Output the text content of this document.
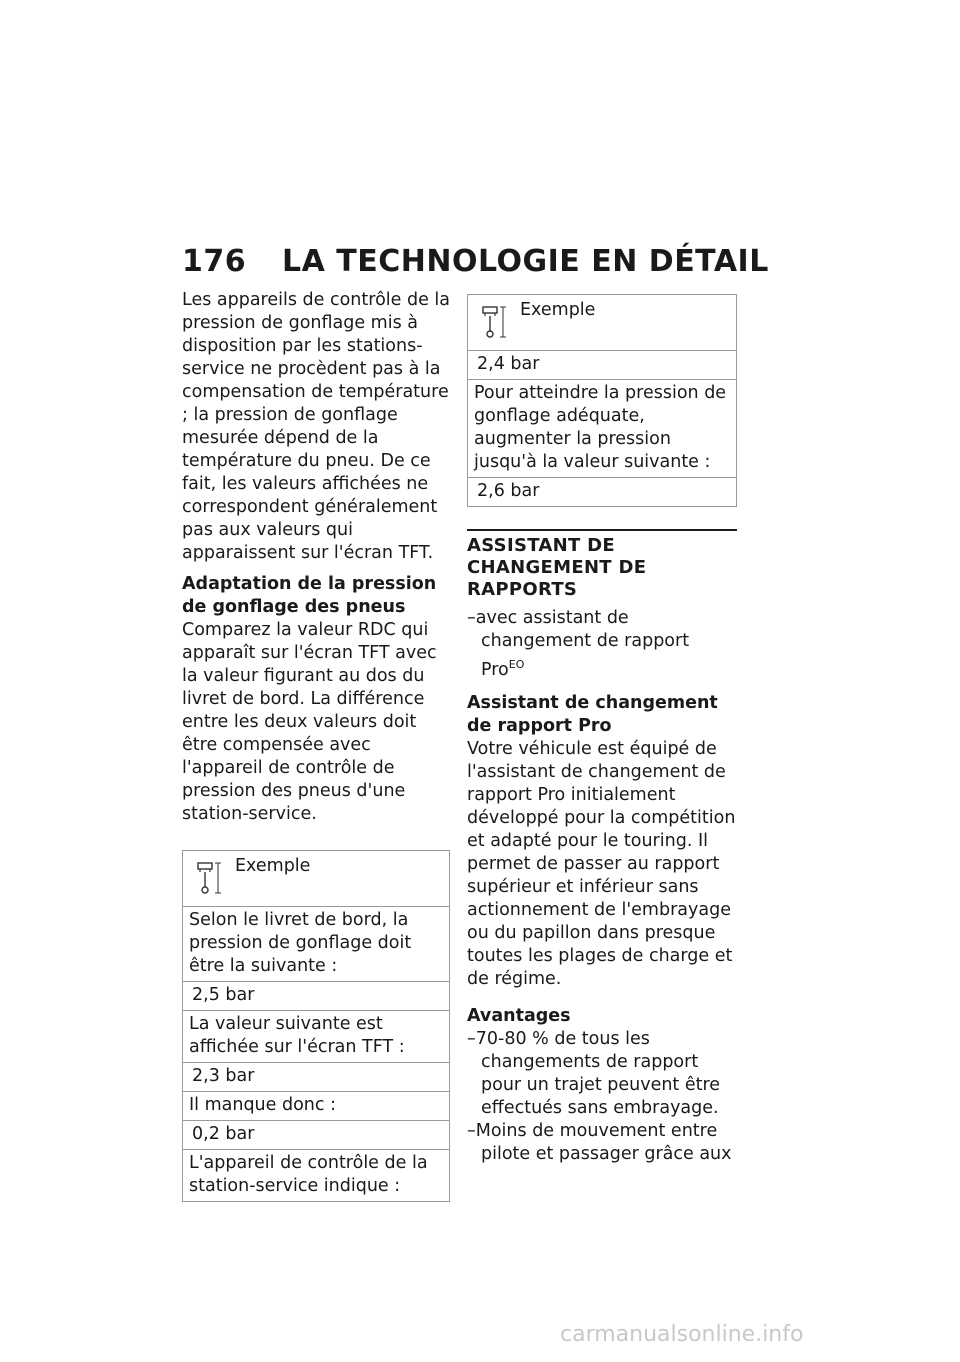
176 LA TECHNOLOGIE EN DÉTAIL

Les appareils de contrôle de la pression de gonflage mis à disposition par les stations-service ne procèdent pas à la compensation de température ; la pression de gonflage mesurée dépend de la température du pneu. De ce fait, les valeurs affichées ne correspondent généralement pas aux valeurs qui apparaissent sur l'écran TFT.

Adaptation de la pression de gonflage des pneus

Comparez la valeur RDC qui apparaît sur l'écran TFT avec la valeur figurant au dos du livret de bord. La différence entre les deux valeurs doit être compensée avec l'appareil de contrôle de pression des pneus d'une station-service.

Exemple

Selon le livret de bord, la pression de gonflage doit être la suivante :
2,5 bar
La valeur suivante est affichée sur l'écran TFT :
2,3 bar
Il manque donc :
0,2 bar
L'appareil de contrôle de la station-service indique :
Exemple

2,4 bar
Pour atteindre la pression de gonflage adéquate, augmenter la pression jusqu'à la valeur suivante :
2,6 bar

ASSISTANT DE CHANGEMENT DE RAPPORTS

–avec assistant de changement de rapport Pro$^{EO}$

Assistant de changement de rapport Pro

Votre véhicule est équipé de l'assistant de changement de rapport Pro initialement développé pour la compétition et adapté pour le touring. Il permet de passer au rapport supérieur et inférieur sans actionnement de l'embrayage ou du papillon dans presque toutes les plages de charge et de régime.

Avantages

–70-80 % de tous les changements de rapport pour un trajet peuvent être effectués sans embrayage.

–Moins de mouvement entre pilote et passager grâce aux

carmanualsonline.info
